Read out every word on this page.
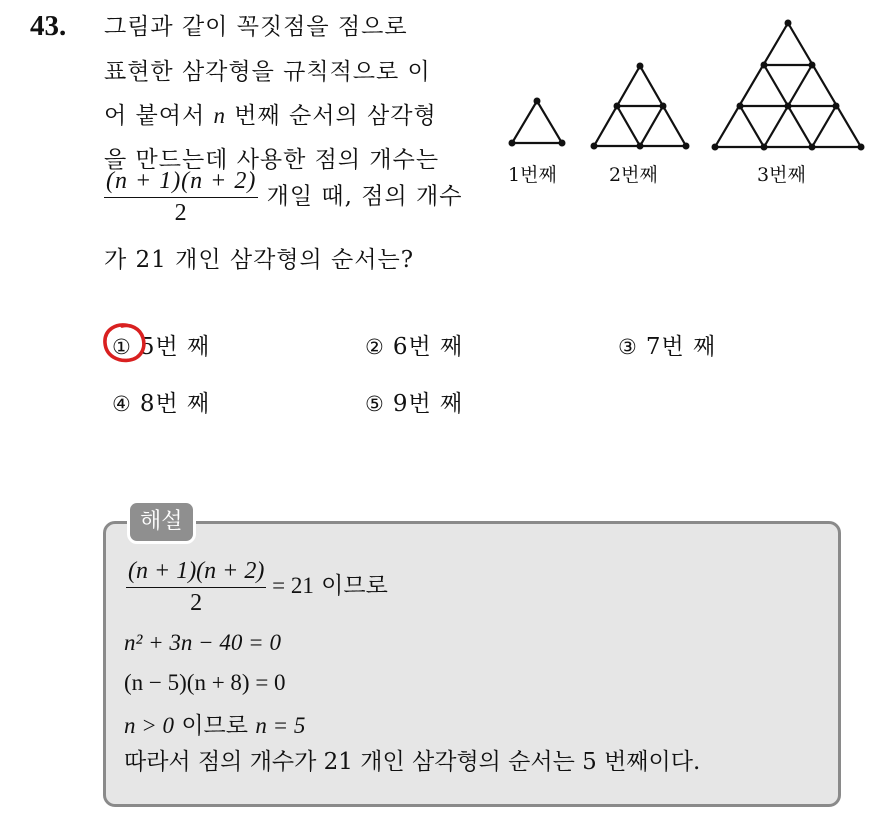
43. 그림과 같이 꼭짓점을 점으로
표현한 삼각형을 규칙적으로 이
어 붙여서 n 번째 순서의 삼각형
을 만드는데 사용한 점의 개수는
$\frac{(n + 1)(n + 2)}{2}$ 개일 때, 점의 개수
가 21 개인 삼각형의 순서는?
1번째	2번째	3번째
① 5번 째	② 6번 째	③ 7번 째
④ 8번 째	⑤ 9번 째
해설
$\frac{(n + 1)(n + 2)}{2} = 21$ 이므로
n² + 3n − 40 = 0
(n − 5)(n + 8) = 0
n > 0 이므로 n = 5
따라서 점의 개수가 21 개인 삼각형의 순서는 5 번째이다.
